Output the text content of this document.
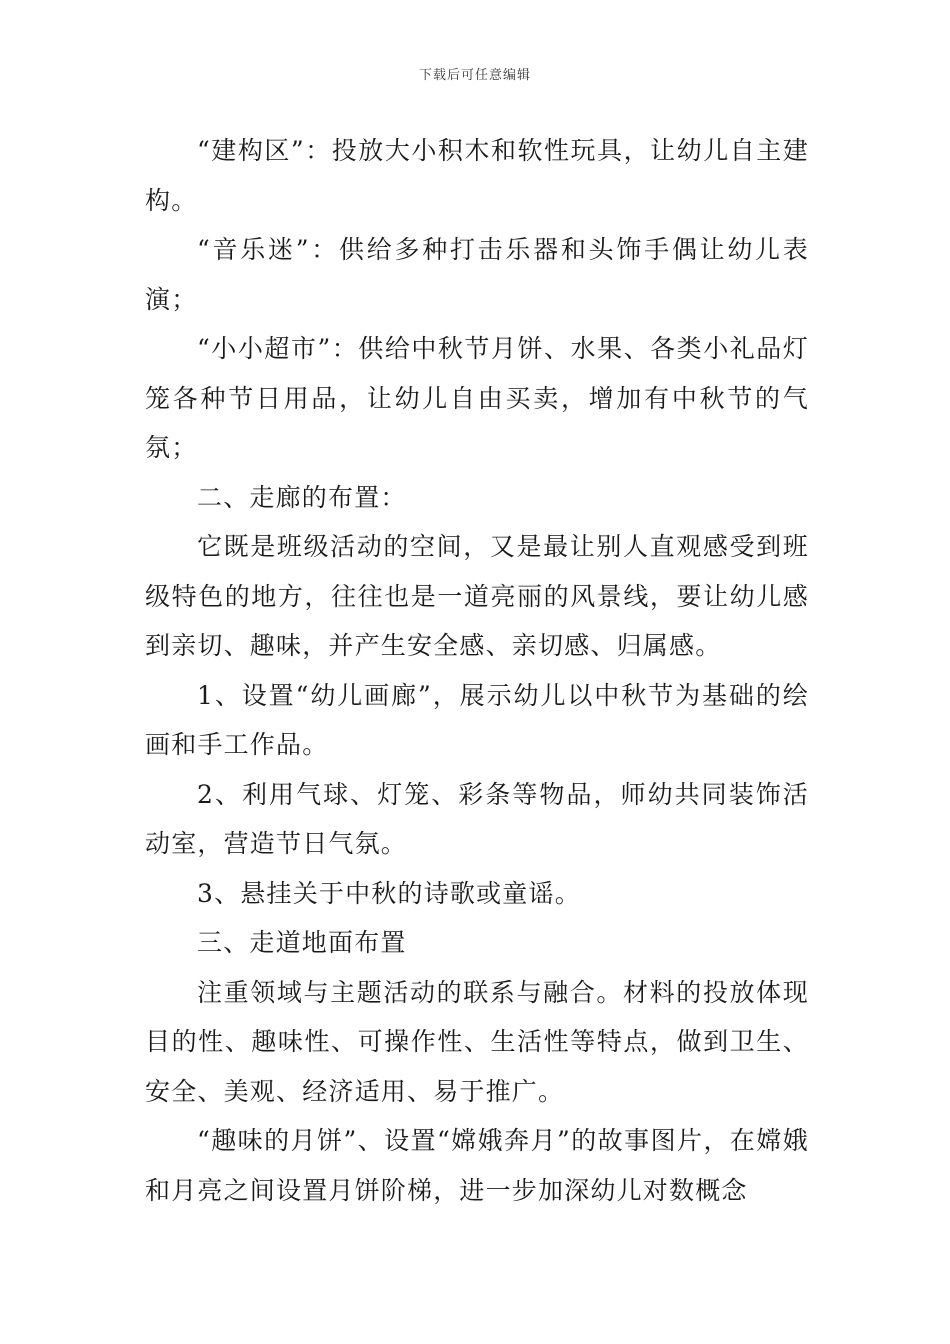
下载后可任意编辑

“建构区”：投放大小积木和软性玩具，让幼儿自主建构。

“音乐迷”：供给多种打击乐器和头饰手偶让幼儿表演；

“小小超市”：供给中秋节月饼、水果、各类小礼品灯笼各种节日用品，让幼儿自由买卖，增加有中秋节的气氛；

二、走廊的布置：

它既是班级活动的空间，又是最让别人直观感受到班级特色的地方，往往也是一道亮丽的风景线，要让幼儿感到亲切、趣味，并产生安全感、亲切感、归属感。

1、设置“幼儿画廊”，展示幼儿以中秋节为基础的绘画和手工作品。

2、利用气球、灯笼、彩条等物品，师幼共同装饰活动室，营造节日气氛。

3、悬挂关于中秋的诗歌或童谣。

三、走道地面布置

注重领域与主题活动的联系与融合。材料的投放体现目的性、趣味性、可操作性、生活性等特点，做到卫生、安全、美观、经济适用、易于推广。

“趣味的月饼”、设置“嫦娥奔月”的故事图片，在嫦娥和月亮之间设置月饼阶梯，进一步加深幼儿对数概念
